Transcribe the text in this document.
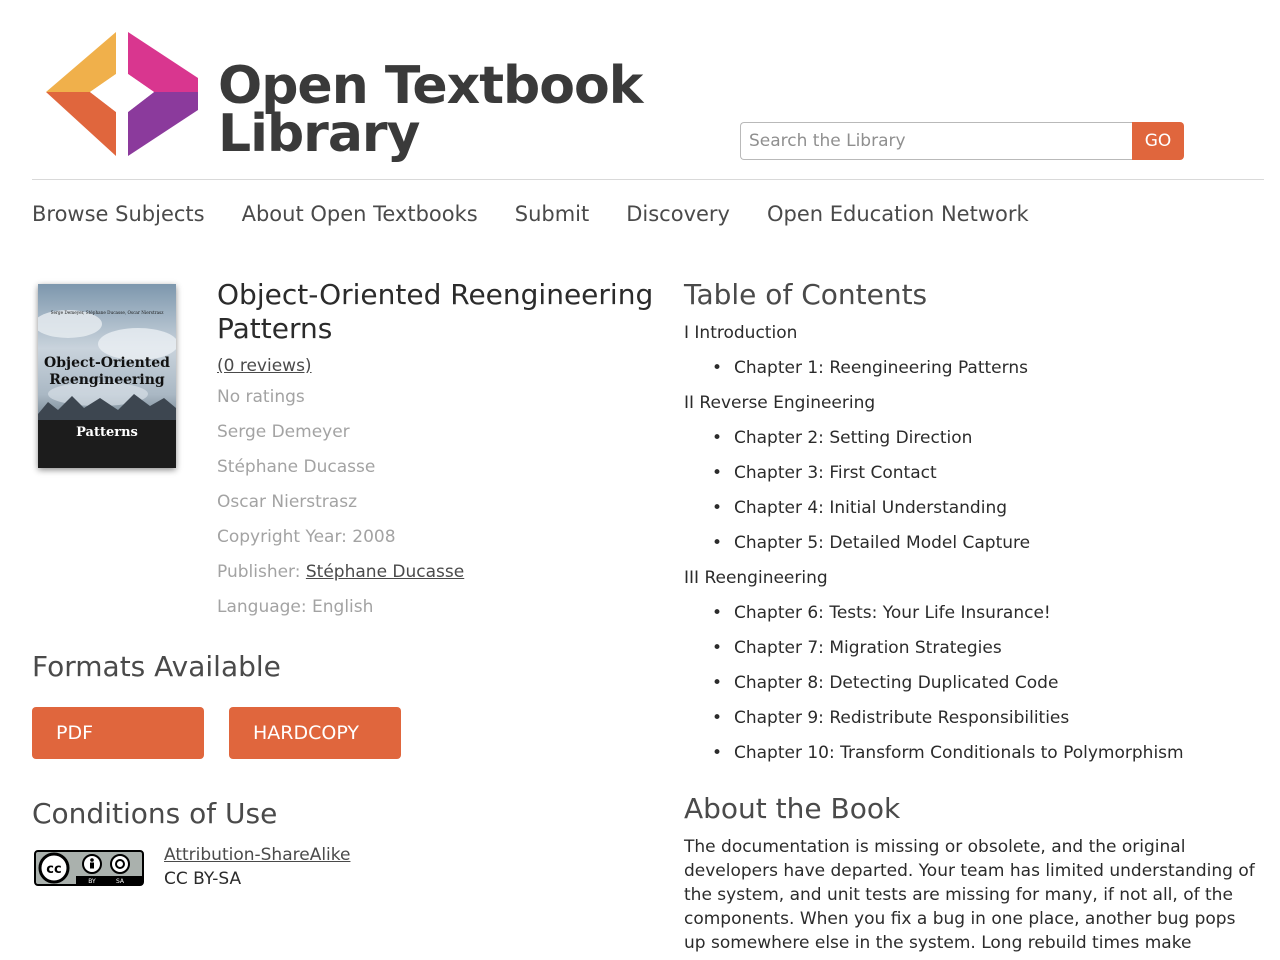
Open Textbook
Library
Search the Library	GO
Browse Subjects About Open Textbooks Submit Discovery Open Education Network
Serge Demeyer, Stéphane Ducasse, Oscar Nierstrasz
Object-Oriented
Reengineering
Patterns
Object-Oriented Reengineering Patterns
(0 reviews)
No ratings
Serge Demeyer
Stéphane Ducasse
Oscar Nierstrasz
Copyright Year: 2008
Publisher: Stéphane Ducasse
Language: English
Formats Available
PDF	HARDCOPY
Conditions of Use
cc
BY	SA
Attribution-ShareAlike
CC BY-SA
Table of Contents
I Introduction
• Chapter 1: Reengineering Patterns
II Reverse Engineering
• Chapter 2: Setting Direction
• Chapter 3: First Contact
• Chapter 4: Initial Understanding
• Chapter 5: Detailed Model Capture
III Reengineering
• Chapter 6: Tests: Your Life Insurance!
• Chapter 7: Migration Strategies
• Chapter 8: Detecting Duplicated Code
• Chapter 9: Redistribute Responsibilities
• Chapter 10: Transform Conditionals to Polymorphism
About the Book

The documentation is missing or obsolete, and the original developers have departed. Your team has limited understanding of the system, and unit tests are missing for many, if not all, of the components. When you fix a bug in one place, another bug pops up somewhere else in the system. Long rebuild times make
